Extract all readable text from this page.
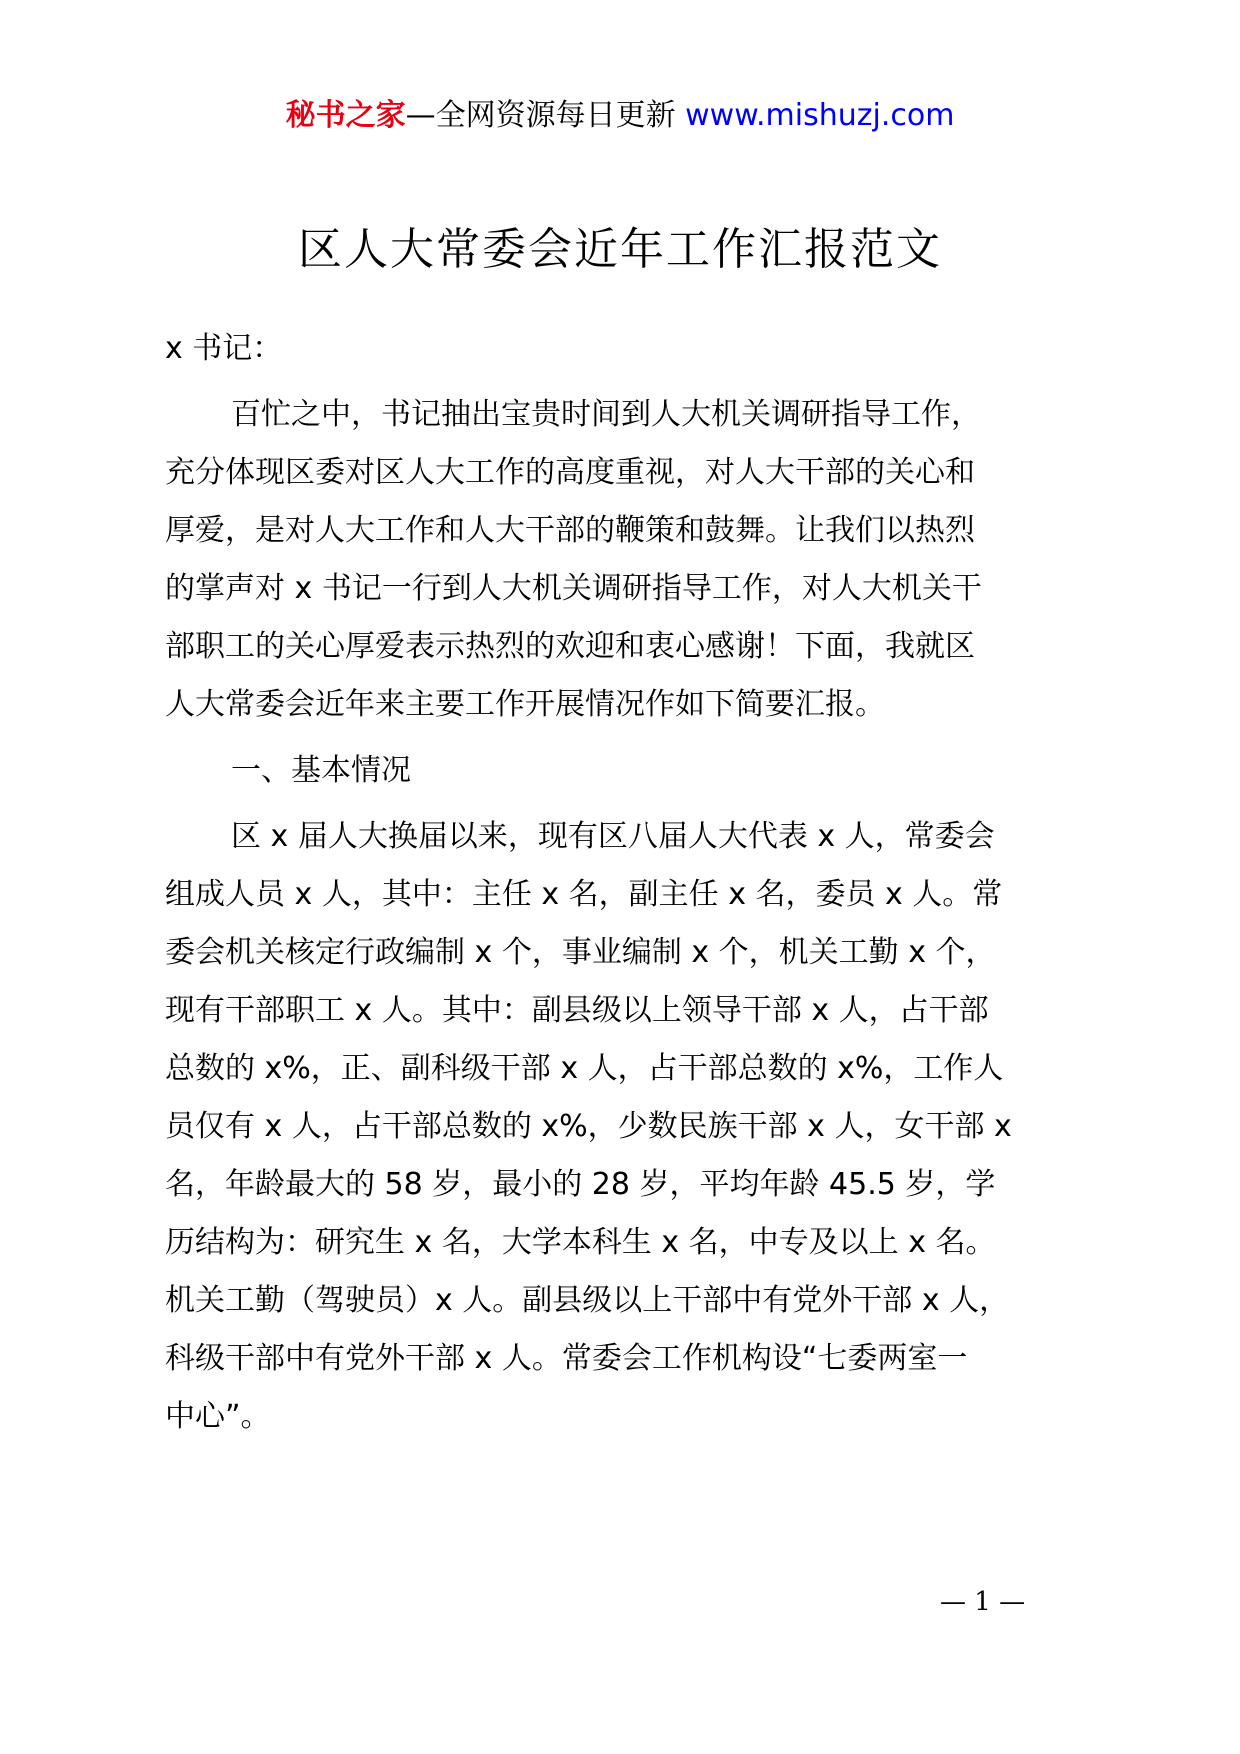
秘书之家—全网资源每日更新 www.mishuzj.com
区人大常委会近年工作汇报范文

x 书记：

百忙之中，书记抽出宝贵时间到人大机关调研指导工作，
充分体现区委对区人大工作的高度重视，对人大干部的关心和
厚爱，是对人大工作和人大干部的鞭策和鼓舞。让我们以热烈
的掌声对 x 书记一行到人大机关调研指导工作，对人大机关干
部职工的关心厚爱表示热烈的欢迎和衷心感谢！下面，我就区
人大常委会近年来主要工作开展情况作如下简要汇报。
一、基本情况
区 x 届人大换届以来，现有区八届人大代表 x 人，常委会
组成人员 x 人，其中：主任 x 名，副主任 x 名，委员 x 人。常
委会机关核定行政编制 x 个，事业编制 x 个，机关工勤 x 个，
现有干部职工 x 人。其中：副县级以上领导干部 x 人，占干部
总数的 x%，正、副科级干部 x 人，占干部总数的 x%，工作人
员仅有 x 人，占干部总数的 x%，少数民族干部 x 人，女干部 x
名，年龄最大的 58 岁，最小的 28 岁，平均年龄 45.5 岁，学
历结构为：研究生 x 名，大学本科生 x 名，中专及以上 x 名。
机关工勤（驾驶员）x 人。副县级以上干部中有党外干部 x 人，
科级干部中有党外干部 x 人。常委会工作机构设“七委两室一
中心”。
— 1 —
